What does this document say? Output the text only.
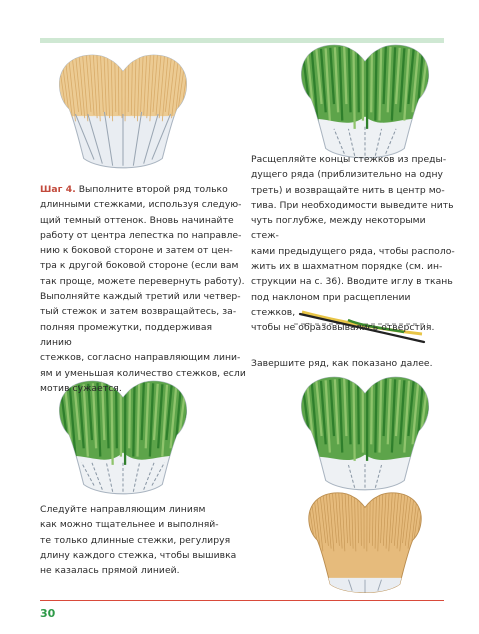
Шаг 4. Выполните второй ряд только
длинными стежками, используя следую-
щий темный оттенок. Вновь начинайте
работу от центра лепестка по направле-
нию к боковой стороне и затем от цен-
тра к другой боковой стороне (если вам
так проще, можете перевернуть работу).
Выполняйте каждый третий или четвер-
тый стежок и затем возвращайтесь, за-
полняя промежутки, поддерживая линию
стежков, согласно направляющим лини-
ям и уменьшая количество стежков, если
мотив сужается.

Расщепляйте концы стежков из преды-
дущего ряда (приблизительно на одну
треть) и возвращайте нить в центр мо-
тива. При необходимости выведите нить
чуть поглубже, между некоторыми стеж-
ками предыдущего ряда, чтобы располо-
жить их в шахматном порядке (см. ин-
струкции на с. 36). Вводите иглу в ткань
под наклоном при расщеплении стежков,
чтобы не образовывались отверстия.

Завершите ряд, как показано далее.

Следуйте направляющим линиям
как можно тщательнее и выполняй-
те только длинные стежки, регулируя
длину каждого стежка, чтобы вышивка
не казалась прямой линией.

30
